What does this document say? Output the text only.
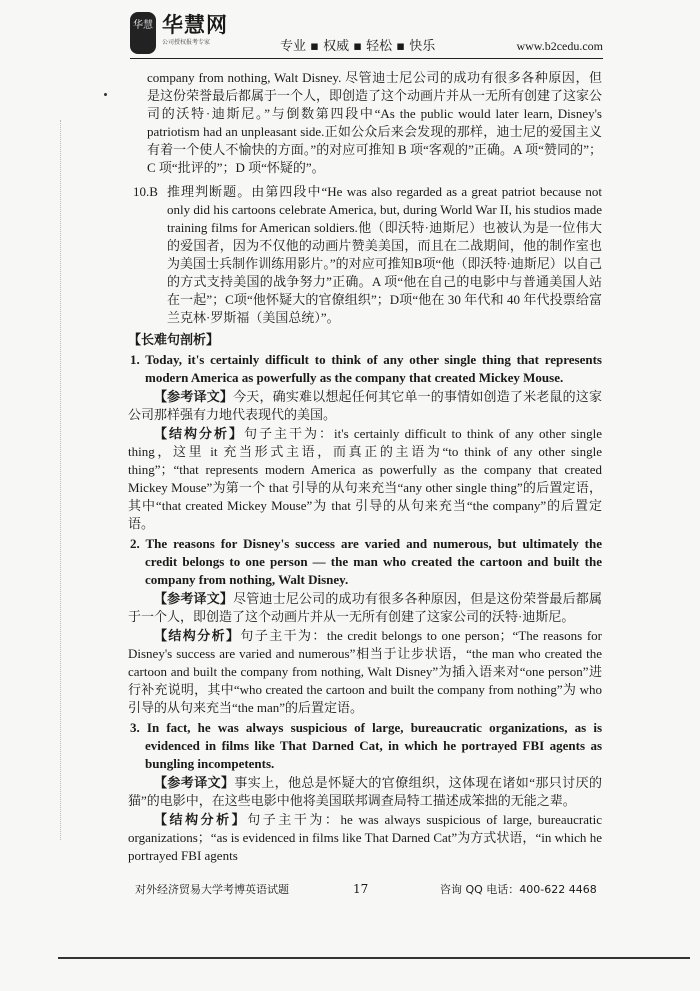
华慧 华慧网
公司授权报考专家	专业 ▪ 权威 ▪ 轻松 ▪ 快乐	www.b2cedu.com

company from nothing, Walt Disney. 尽管迪士尼公司的成功有很多各种原因，但是这份荣誉最后都属于一个人，即创造了这个动画片并从一无所有创建了这家公司的沃特·迪斯尼。”与倒数第四段中“As the public would later learn, Disney's patriotism had an unpleasant side.正如公众后来会发现的那样，迪士尼的爱国主义有着一个使人不愉快的方面。”的对应可推知 B 项“客观的”正确。A 项“赞同的”；C 项“批评的”；D 项“怀疑的”。

10.B 推理判断题。由第四段中“He was also regarded as a great patriot because not only did his cartoons celebrate America, but, during World War II, his studios made training films for American soldiers.他（即沃特·迪斯尼）也被认为是一位伟大的爱国者，因为不仅他的动画片赞美美国，而且在二战期间，他的制作室也为美国士兵制作训练用影片。”的对应可推知B项“他（即沃特·迪斯尼）以自己的方式支持美国的战争努力”正确。A 项“他在自己的电影中与普通美国人站在一起”；C项“他怀疑大的官僚组织”；D项“他在 30 年代和 40 年代投票给富兰克林·罗斯福（美国总统）”。

【长难句剖析】

1. Today, it's certainly difficult to think of any other single thing that represents modern America as powerfully as the company that created Mickey Mouse.

【参考译文】今天，确实难以想起任何其它单一的事情如创造了米老鼠的这家公司那样强有力地代表现代的美国。

【结构分析】句子主干为：it's certainly difficult to think of any other single thing，这里 it 充当形式主语，而真正的主语为“to think of any other single thing”；“that represents modern America as powerfully as the company that created Mickey Mouse”为第一个 that 引导的从句来充当“any other single thing”的后置定语，其中“that created Mickey Mouse”为 that 引导的从句来充当“the company”的后置定语。

2. The reasons for Disney's success are varied and numerous, but ultimately the credit belongs to one person — the man who created the cartoon and built the company from nothing, Walt Disney.

【参考译文】尽管迪士尼公司的成功有很多各种原因，但是这份荣誉最后都属于一个人，即创造了这个动画片并从一无所有创建了这家公司的沃特·迪斯尼。

【结构分析】句子主干为：the credit belongs to one person；“The reasons for Disney's success are varied and numerous”相当于让步状语，“the man who created the cartoon and built the company from nothing, Walt Disney”为插入语来对“one person”进行补充说明，其中“who created the cartoon and built the company from nothing”为 who 引导的从句来充当“the man”的后置定语。

3. In fact, he was always suspicious of large, bureaucratic organizations, as is evidenced in films like That Darned Cat, in which he portrayed FBI agents as bungling incompetents.

【参考译文】事实上，他总是怀疑大的官僚组织，这体现在诸如“那只讨厌的猫”的电影中，在这些电影中他将美国联邦调查局特工描述成笨拙的无能之辈。

【结构分析】句子主干为：he was always suspicious of large, bureaucratic organizations；“as is evidenced in films like That Darned Cat”为方式状语，“in which he portrayed FBI agents

对外经济贸易大学考博英语试题	17	咨询 QQ 电话：400-622 4468
